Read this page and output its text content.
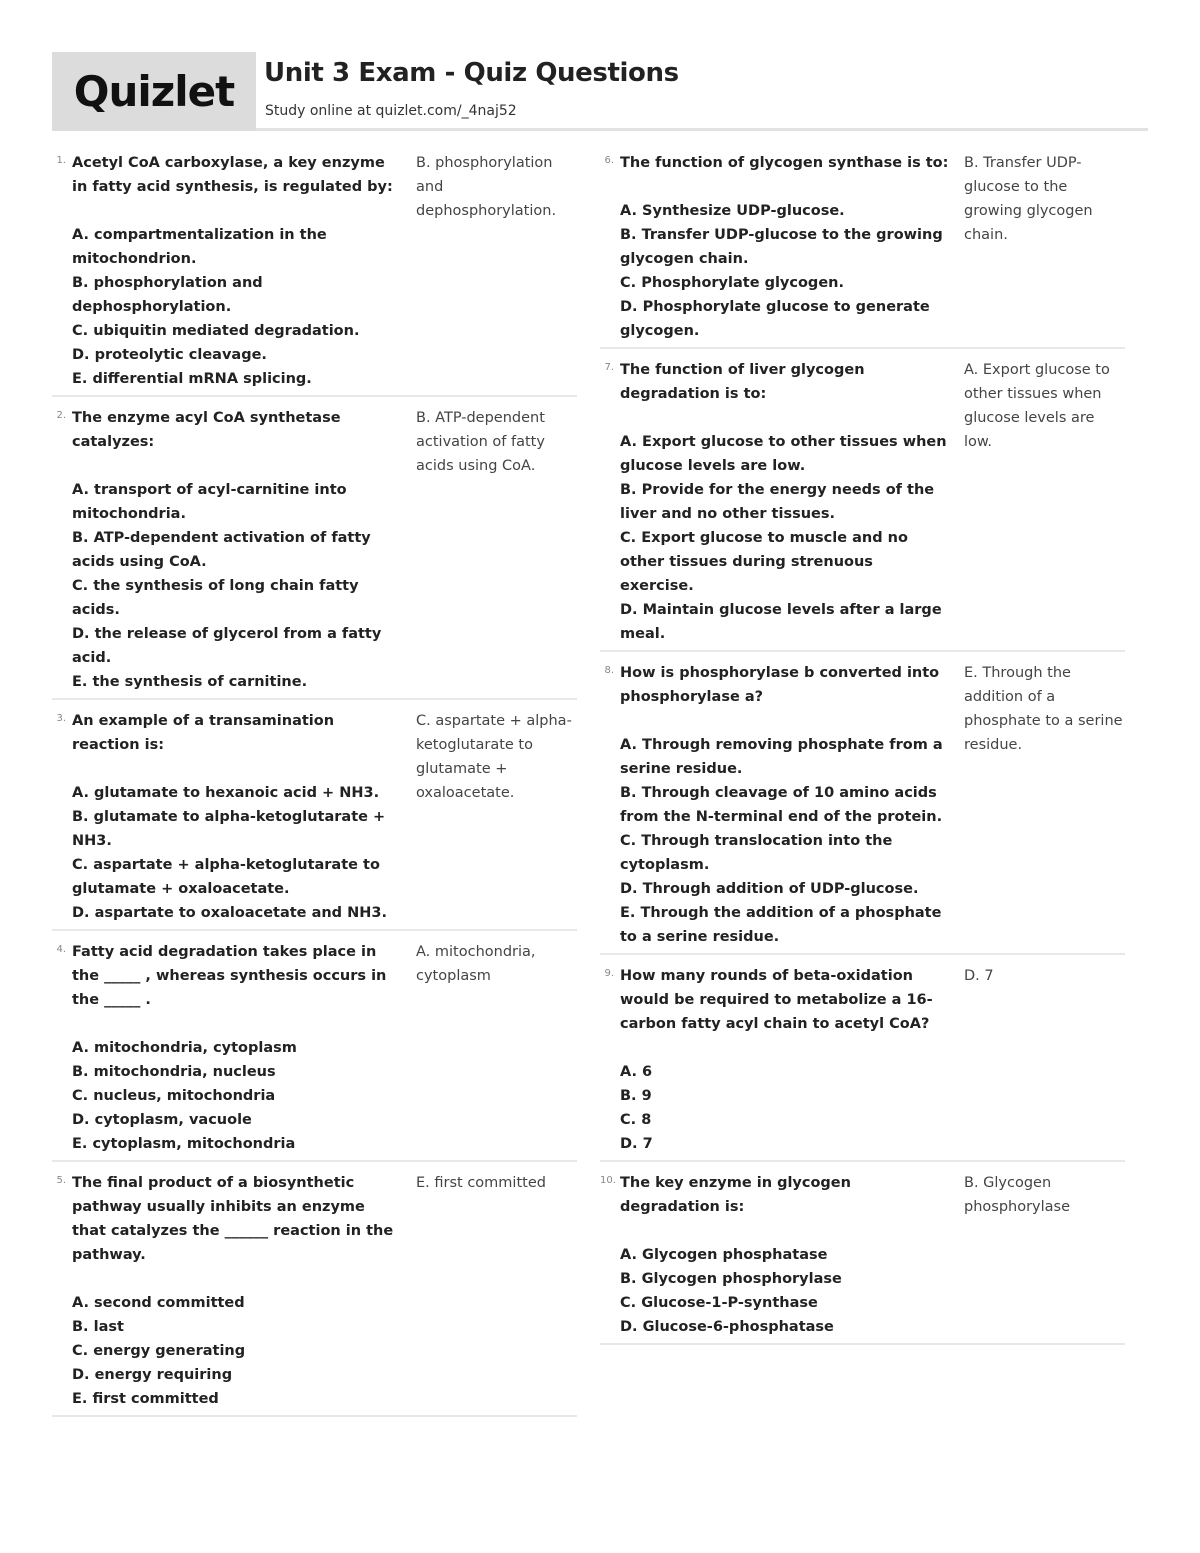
Quizlet Unit 3 Exam - Quiz Questions
Study online at quizlet.com/_4naj52
1. Acetyl CoA carboxylase, a key enzyme in fatty acid synthesis, is regulated by:
A. compartmentalization in the mitochondrion.
B. phosphorylation and dephosphorylation.
C. ubiquitin mediated degradation.
D. proteolytic cleavage.
E. differential mRNA splicing.
B. phosphorylation and dephosphorylation.
2. The enzyme acyl CoA synthetase catalyzes:
A. transport of acyl-carnitine into mitochondria.
B. ATP-dependent activation of fatty acids using CoA.
C. the synthesis of long chain fatty acids.
D. the release of glycerol from a fatty acid.
E. the synthesis of carnitine.
B. ATP-dependent activation of fatty acids using CoA.
3. An example of a transamination reaction is:
A. glutamate to hexanoic acid + NH3.
B. glutamate to alpha-ketoglutarate + NH3.
C. aspartate + alpha-ketoglutarate to glutamate + oxaloacetate.
D. aspartate to oxaloacetate and NH3.
C. aspartate + alpha-ketoglutarate to glutamate + oxaloacetate.
4. Fatty acid degradation takes place in the _____ , whereas synthesis occurs in the _____ .
A. mitochondria, cytoplasm
B. mitochondria, nucleus
C. nucleus, mitochondria
D. cytoplasm, vacuole
E. cytoplasm, mitochondria
A. mitochondria, cytoplasm
5. The final product of a biosynthetic pathway usually inhibits an enzyme that catalyzes the ______ reaction in the pathway.
A. second committed
B. last
C. energy generating
D. energy requiring
E. first committed
E. first committed
6. The function of glycogen synthase is to:
A. Synthesize UDP-glucose.
B. Transfer UDP-glucose to the growing glycogen chain.
C. Phosphorylate glycogen.
D. Phosphorylate glucose to generate glycogen.
B. Transfer UDP-glucose to the growing glycogen chain.
7. The function of liver glycogen degradation is to:
A. Export glucose to other tissues when glucose levels are low.
B. Provide for the energy needs of the liver and no other tissues.
C. Export glucose to muscle and no other tissues during strenuous exercise.
D. Maintain glucose levels after a large meal.
A. Export glucose to other tissues when glucose levels are low.
8. How is phosphorylase b converted into phosphorylase a?
A. Through removing phosphate from a serine residue.
B. Through cleavage of 10 amino acids from the N-terminal end of the protein.
C. Through translocation into the cytoplasm.
D. Through addition of UDP-glucose.
E. Through the addition of a phosphate to a serine residue.
E. Through the addition of a phosphate to a serine residue.
9. How many rounds of beta-oxidation would be required to metabolize a 16-carbon fatty acyl chain to acetyl CoA?
A. 6
B. 9
C. 8
D. 7
D. 7
10. The key enzyme in glycogen degradation is:
A. Glycogen phosphatase
B. Glycogen phosphorylase
C. Glucose-1-P-synthase
D. Glucose-6-phosphatase
B. Glycogen phosphorylase
